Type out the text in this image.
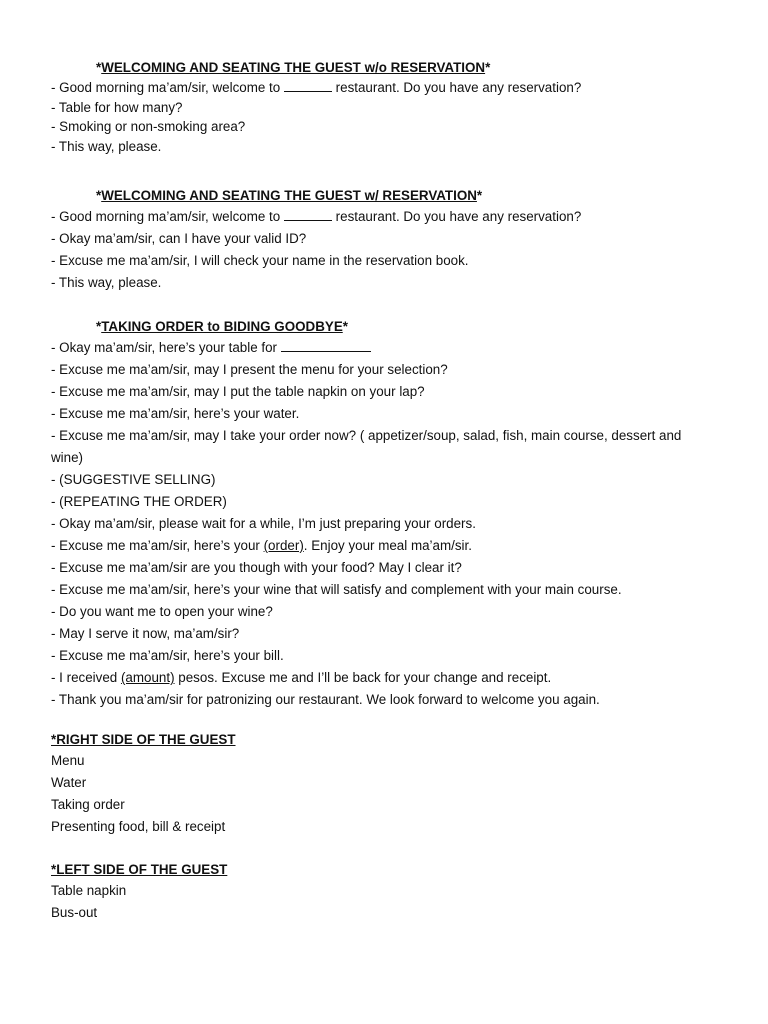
*WELCOMING AND SEATING THE GUEST w/o RESERVATION*
- Good morning ma’am/sir, welcome to	restaurant. Do you have any reservation?
- Table for how many?
- Smoking or non-smoking area?
- This way, please.
*WELCOMING AND SEATING THE GUEST w/ RESERVATION*
- Good morning ma’am/sir, welcome to	restaurant. Do you have any reservation?
- Okay ma’am/sir, can I have your valid ID?
- Excuse me ma’am/sir, I will check your name in the reservation book.
- This way, please.
*TAKING ORDER to BIDING GOODBYE*
- Okay ma’am/sir, here’s your table for
- Excuse me ma’am/sir, may I present the menu for your selection?
- Excuse me ma’am/sir, may I put the table napkin on your lap?
- Excuse me ma’am/sir, here’s your water.
- Excuse me ma’am/sir, may I take your order now? ( appetizer/soup, salad, fish, main course, dessert and wine)
- (SUGGESTIVE SELLING)
- (REPEATING THE ORDER)
- Okay ma’am/sir, please wait for a while, I’m just preparing your orders.
- Excuse me ma’am/sir, here’s your (order). Enjoy your meal ma’am/sir.
- Excuse me ma’am/sir are you though with your food? May I clear it?
- Excuse me ma’am/sir, here’s your wine that will satisfy and complement with your main course.
- Do you want me to open your wine?
- May I serve it now, ma’am/sir?
- Excuse me ma’am/sir, here’s your bill.
- I received (amount) pesos. Excuse me and I’ll be back for your change and receipt.
- Thank you ma’am/sir for patronizing our restaurant. We look forward to welcome you again.
*RIGHT SIDE OF THE GUEST
Menu
Water
Taking order
Presenting food, bill & receipt
*LEFT SIDE OF THE GUEST
Table napkin
Bus-out
